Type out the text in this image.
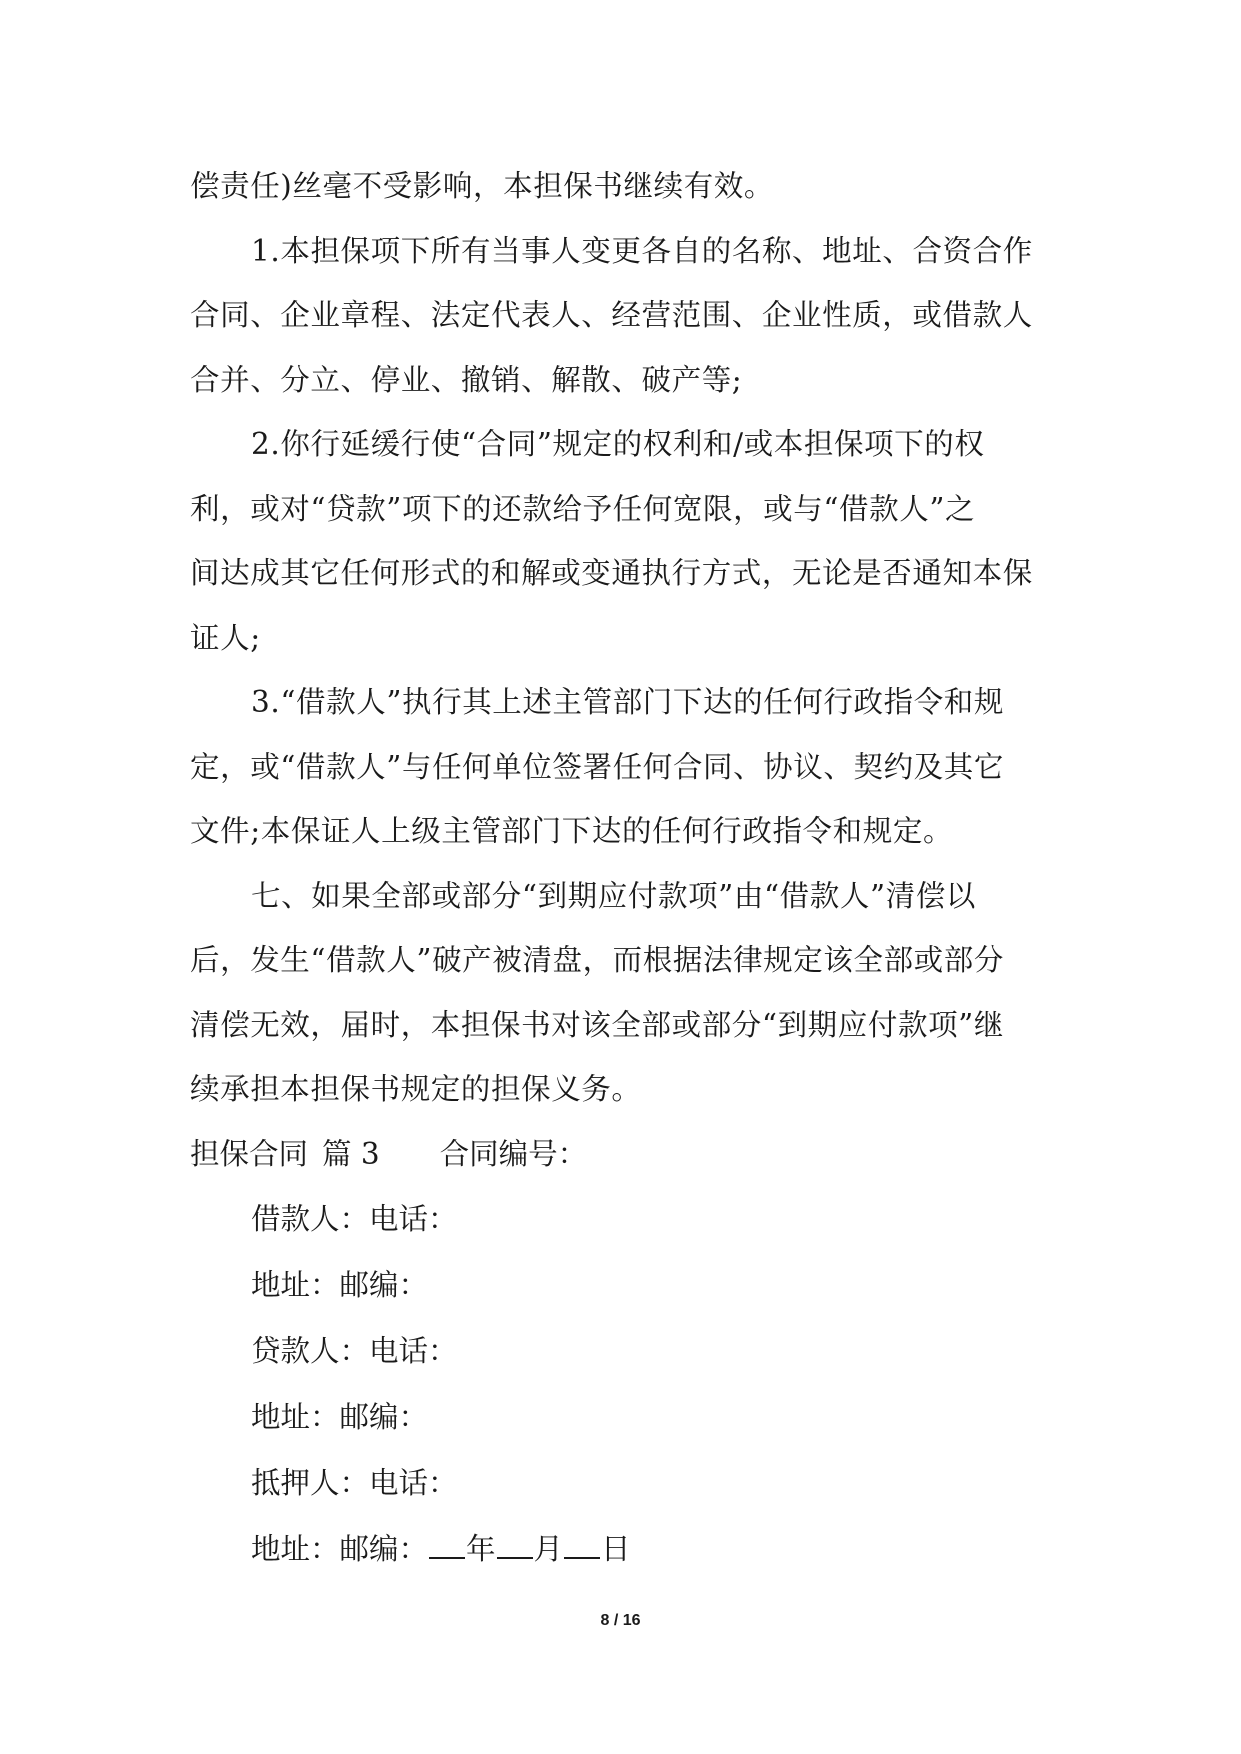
偿责任)丝毫不受影响，本担保书继续有效。
1.本担保项下所有当事人变更各自的名称、地址、合资合作
合同、企业章程、法定代表人、经营范围、企业性质，或借款人
合并、分立、停业、撤销、解散、破产等;
2.你行延缓行使“合同”规定的权利和/或本担保项下的权
利，或对“贷款”项下的还款给予任何宽限，或与“借款人”之
间达成其它任何形式的和解或变通执行方式，无论是否通知本保
证人;
3.“借款人”执行其上述主管部门下达的任何行政指令和规
定，或“借款人”与任何单位签署任何合同、协议、契约及其它
文件;本保证人上级主管部门下达的任何行政指令和规定。
七、如果全部或部分“到期应付款项”由“借款人”清偿以
后，发生“借款人”破产被清盘，而根据法律规定该全部或部分
清偿无效，届时，本担保书对该全部或部分“到期应付款项”继
续承担本担保书规定的担保义务。
担保合同 篇 3 合同编号：
借款人：电话：
地址：邮编：
贷款人：电话：
地址：邮编：
抵押人：电话：
地址：邮编： 年 月 日
8 / 16
